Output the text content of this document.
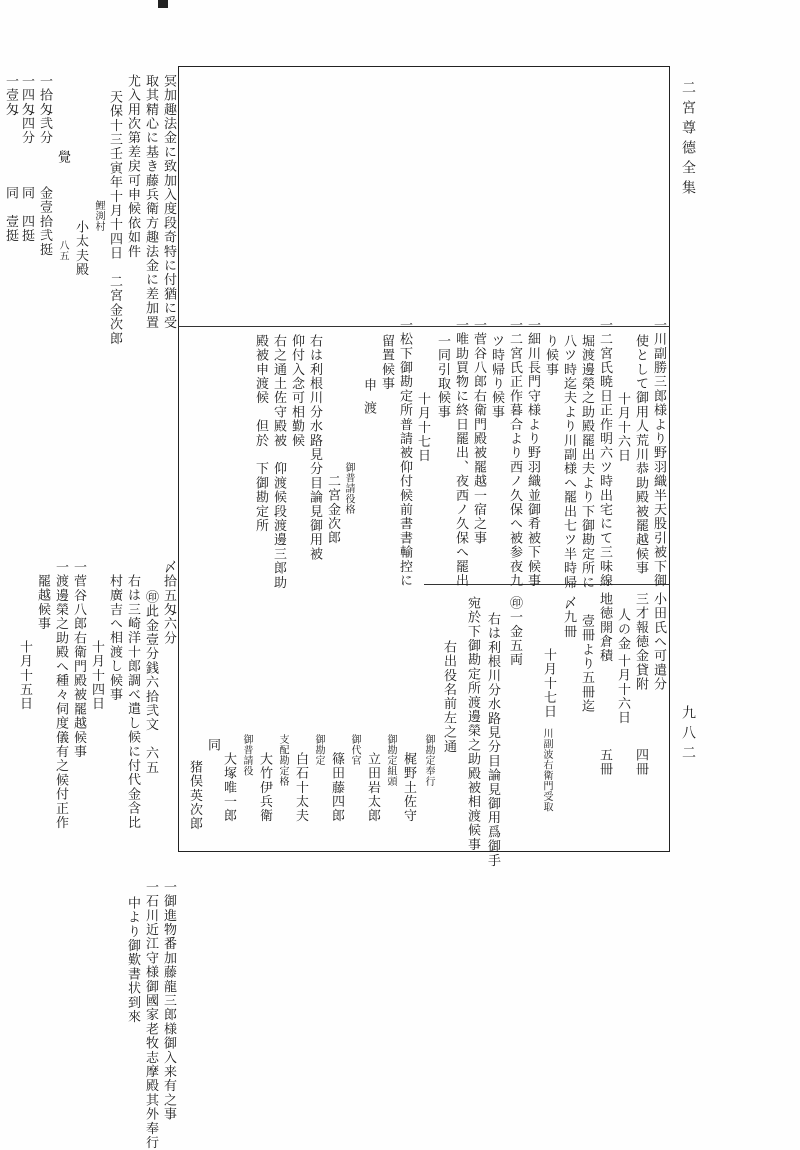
二宮尊德全集
九八二
一川副勝三郎様より野羽織半天股引被下御
使として御用人荒川恭助殿被罷越候事
十月十六日
一二宮氏暁日正作明六ツ時出宅にて三味線
堀渡邊榮之助殿罷出夫より下御勘定所に
八ツ時迄夫より川副様へ罷出七ツ半時帰
り候事
一細川長門守様より野羽織並御肴被下候事
一二宮氏正作暮合より西ノ久保へ被参夜九
ツ時帰り候事
一菅谷八郎右衛門殿被罷越一宿之事
一唯助買物に終日罷出、夜西ノ久保へ罷出
一同引取候事
十月十七日
一松下御勘定所普請被仰付候前書書輸控に
留置候事
申渡
御普請役格
二宮金次郎
右は利根川分水路見分目論見御用被
仰付入念可相勤候
右之通土佐守殿被　仰渡候段渡邊三郎助
殿被申渡候　但於　下御勘定所
小田氏へ可遣分
三才報徳金貸附
人の金
十月十六日
四冊
地徳開倉積
壹冊より五冊迄
五冊
〆九冊
十月十七日
川副波右衛門受取
㊞一金五両
右は利根川分水路見分目論見御用爲御手
宛於下御勘定所渡邊榮之助殿被相渡候事
右出役名前左之通
御勘定奉行
梶野土佐守
御勘定組頭
立田岩太郎
御代官
篠田藤四郎
御勘定
白石十太夫
支配勘定格
大竹伊兵衛
御普請役
大塚唯一郎
同
猪俣英次郎
冥加趣法金に致加入度段奇特に付猶に受
取其精心に基き藤兵衛方趣法金に差加置
尤入用次第差戻可申候依如件
天保十三壬寅年十月十四日　二宮金次郎
鯉渕村
小太夫殿
覺
八五
一拾匁弐分
金壹拾弐挺
一四匁四分
同　四挺
一壹匁
同　壹挺
〆拾五匁六分
㊞此金壹分銭六拾弐文　六五
右は三崎洋十郎調べ遣し候に付代金含比
村廣吉へ相渡し候事
十月十四日
一菅谷八郎右衛門殿被罷越候事
一渡邊榮之助殿へ種々伺度儀有之候付正作
罷越候事
十月十五日
一御進物番加藤龍三郎様御入来有之事
一石川近江守様御國家老牧志摩殿其外奉行
中より御歎書状到來
